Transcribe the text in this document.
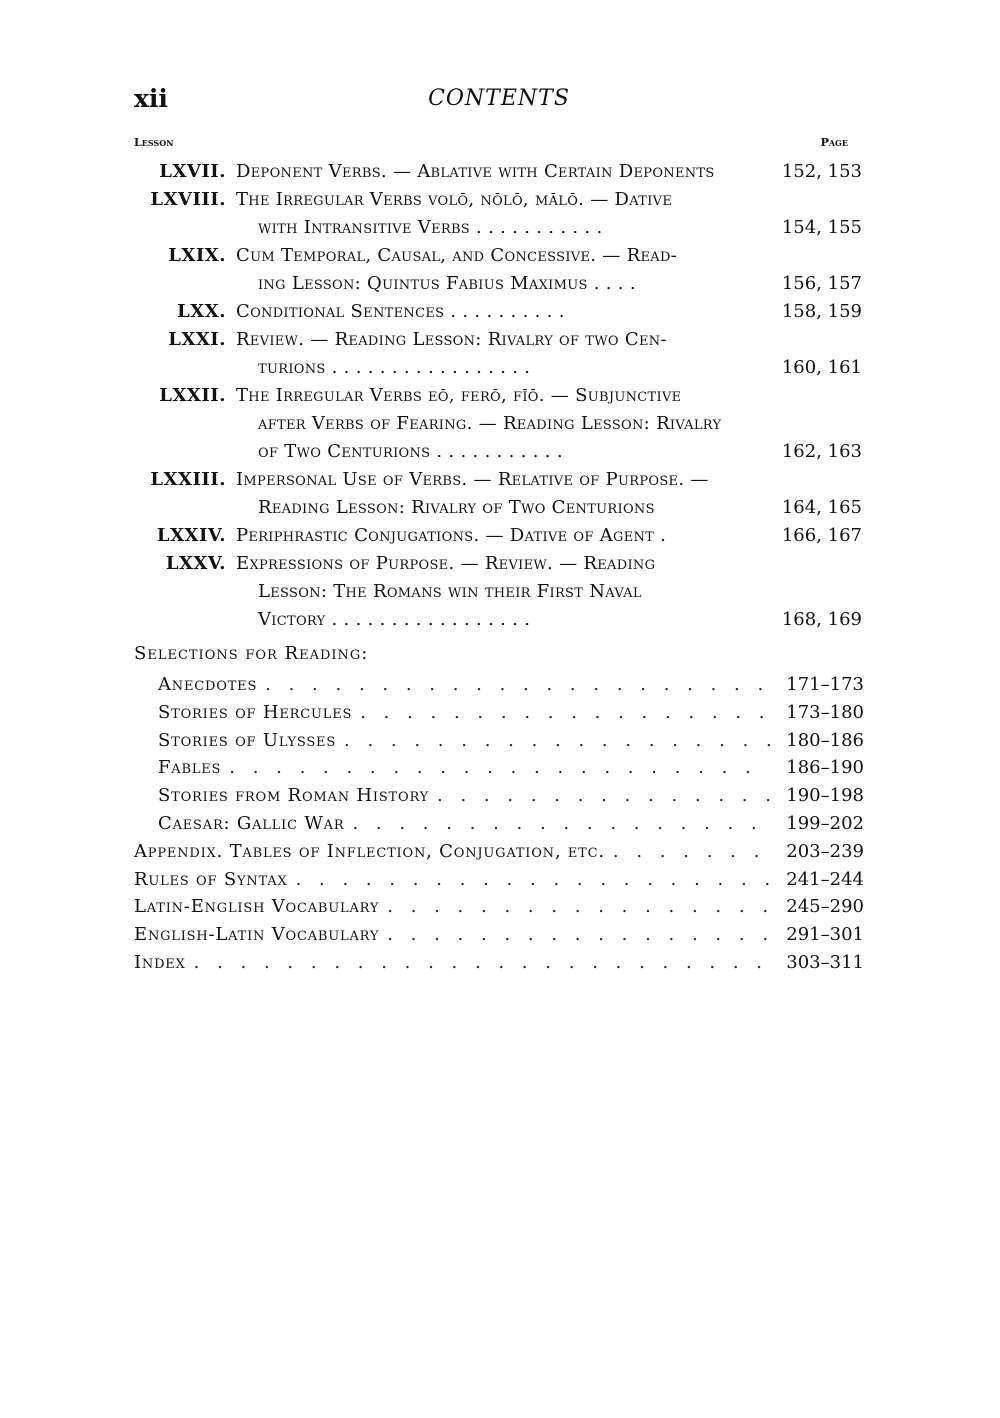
xii	CONTENTS
Lesson	Page
LXVII. Deponent Verbs. — Ablative with Certain Deponents	152, 153
LXVIII. The Irregular Verbs volō, nōlō, mālō. — Dative
with Intransitive Verbs . . . . . . . . . . .	154, 155
LXIX. Cum Temporal, Causal, and Concessive. — Read-
ing Lesson: Quintus Fabius Maximus . . . .	156, 157
LXX. Conditional Sentences . . . . . . . . . .	158, 159
LXXI. Review. — Reading Lesson: Rivalry of two Cen-
turions . . . . . . . . . . . . . . . . .	160, 161
LXXII. The Irregular Verbs eō, ferō, fīō. — Subjunctive
after Verbs of Fearing. — Reading Lesson: Rivalry
of Two Centurions . . . . . . . . . . .	162, 163
LXXIII. Impersonal Use of Verbs. — Relative of Purpose. —
Reading Lesson: Rivalry of Two Centurions	164, 165
LXXIV. Periphrastic Conjugations. — Dative of Agent .	166, 167
LXXV. Expressions of Purpose. — Review. — Reading
Lesson: The Romans win their First Naval
Victory . . . . . . . . . . . . . . . . .	168, 169
Selections for Reading:
Anecdotes . . .	171–173
Stories of Hercules . . .	173–180
Stories of Ulysses . . .	180–186
Fables . . .	186–190
Stories from Roman History . . .	190–198
Caesar: Gallic War . . .	199–202
Appendix. Tables of Inflection, Conjugation, etc. . . .	203–239
Rules of Syntax . . .	241–244
Latin-English Vocabulary . . .	245–290
English-Latin Vocabulary . . .	291–301
Index . . .	303–311
